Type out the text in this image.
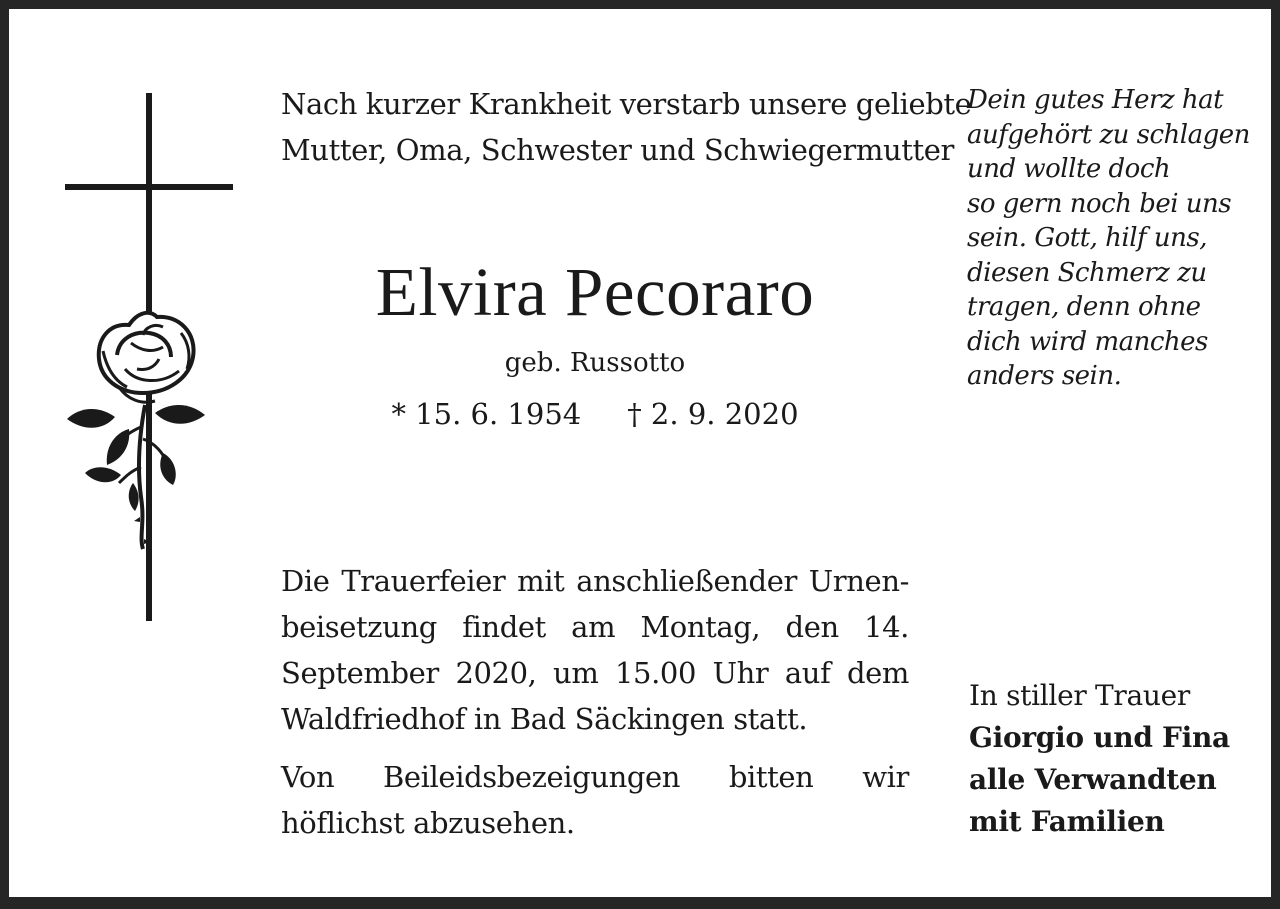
Nach kurzer Krankheit verstarb unsere geliebte
Mutter, Oma, Schwester und Schwiegermutter
Elvira Pecoraro
geb. Russotto
* 15. 6. 1954 † 2. 9. 2020
Die Trauerfeier mit anschließender Urnen-beisetzung findet am Montag, den 14. September 2020, um 15.00 Uhr auf dem Waldfriedhof in Bad Säckingen statt.
Von Beileidsbezeigungen bitten wir höflichst abzusehen.
Dein gutes Herz hat
aufgehört zu schlagen
und wollte doch
so gern noch bei uns
sein. Gott, hilf uns,
diesen Schmerz zu
tragen, denn ohne
dich wird manches
anders sein.
In stiller Trauer
Giorgio und Fina
alle Verwandten
mit Familien
